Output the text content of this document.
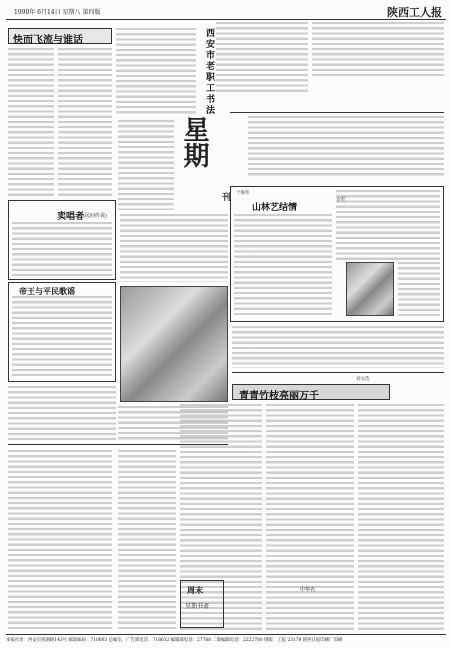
1990年 6月14日 星期八 第四版	陕西工人报
快而飞流与谁话	西安市老职工书法
星期
刊
卖唱者
(民间传说)
于俊伟
山林艺结情
专栏
帝王与平民歌谣
刘文选
青青竹枝亮丽万千
周末
星期书斋
中华名
本报社址：西安市莲湖路143号 邮政编码：710003 总编室、广告部电话：718632 编辑部电话：27788 二版编辑电话：2222780 排版：工报 23178 陕西日报印刷厂印刷
